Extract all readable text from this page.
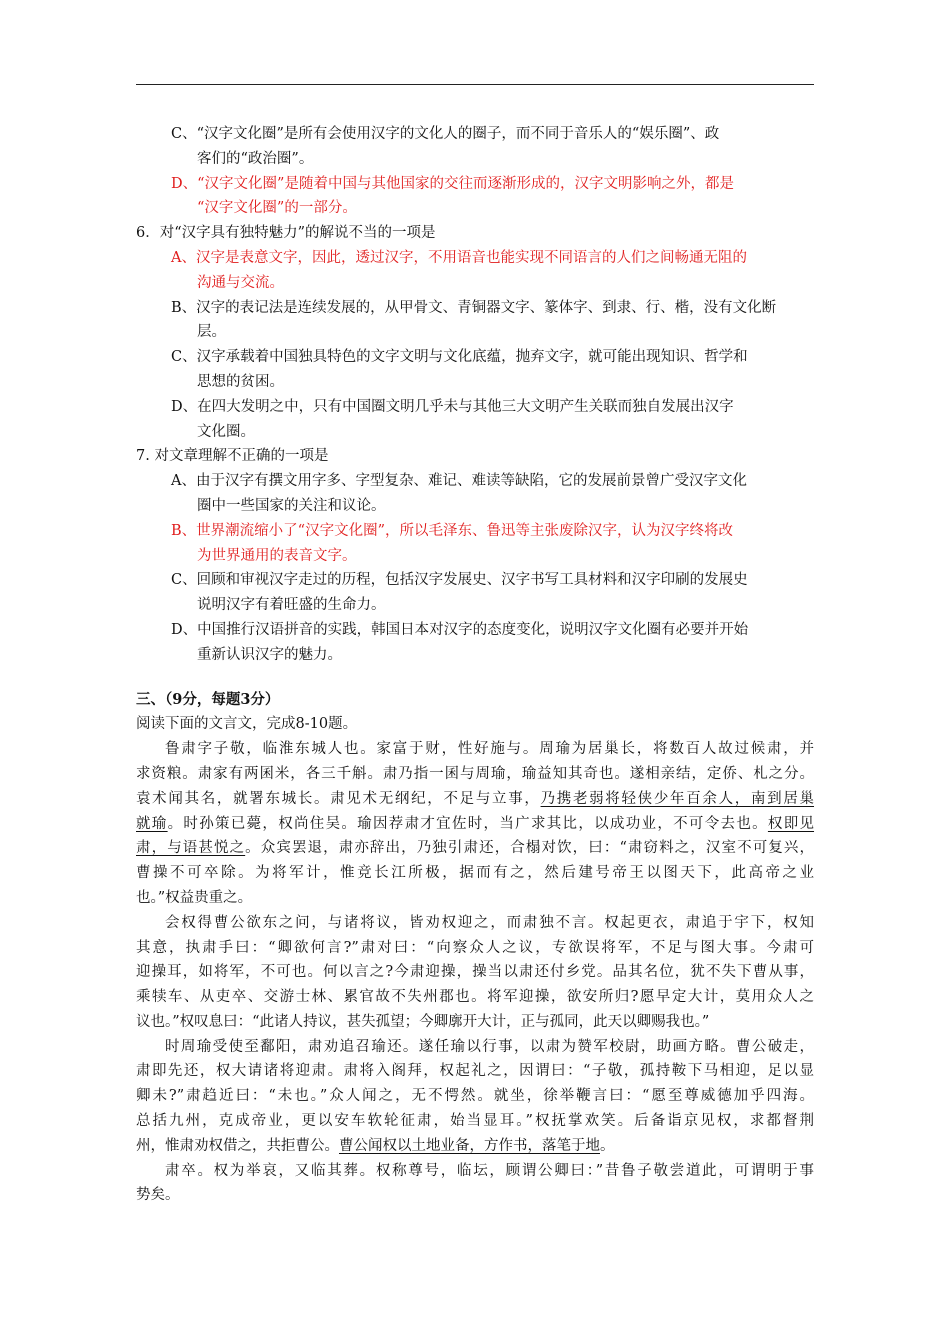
C、“汉字文化圈”是所有会使用汉字的文化人的圈子，而不同于音乐人的“娱乐圈”、政
客们的“政治圈”。
D、“汉字文化圈”是随着中国与其他国家的交往而逐渐形成的，汉字文明影响之外，都是
“汉字文化圈”的一部分。
6．对“汉字具有独特魅力”的解说不当的一项是
A、汉字是表意文字，因此，透过汉字，不用语音也能实现不同语言的人们之间畅通无阻的
沟通与交流。
B、汉字的表记法是连续发展的，从甲骨文、青铜器文字、篆体字、到隶、行、楷，没有文化断
层。
C、汉字承载着中国独具特色的文字文明与文化底蕴，抛弃文字，就可能出现知识、哲学和
思想的贫困。
D、在四大发明之中，只有中国圈文明几乎未与其他三大文明产生关联而独自发展出汉字
文化圈。
7. 对文章理解不正确的一项是
A、由于汉字有撰文用字多、字型复杂、难记、难读等缺陷，它的发展前景曾广受汉字文化
圈中一些国家的关注和议论。
B、世界潮流缩小了“汉字文化圈”，所以毛泽东、鲁迅等主张废除汉字，认为汉字终将改
为世界通用的表音文字。
C、回顾和审视汉字走过的历程，包括汉字发展史、汉字书写工具材料和汉字印刷的发展史
说明汉字有着旺盛的生命力。
D、中国推行汉语拼音的实践，韩国日本对汉字的态度变化，说明汉字文化圈有必要并开始
重新认识汉字的魅力。
三、（9分，每题3分）
阅读下面的文言文，完成8-10题。
鲁肃字子敬，临淮东城人也。家富于财，性好施与。周瑜为居巢长，将数百人故过候肃，并
求资粮。肃家有两囷米，各三千斛。肃乃指一囷与周瑜，瑜益知其奇也。遂相亲结，定侨、札之分。
袁术闻其名，就署东城长。肃见术无纲纪，不足与立事，乃携老弱将轻侠少年百余人，南到居巢
就瑜。时孙策已薨，权尚住吴。瑜因荐肃才宜佐时，当广求其比，以成功业，不可令去也。权即见
肃，与语甚悦之。众宾罢退，肃亦辞出，乃独引肃还，合榻对饮，曰：“肃窃料之，汉室不可复兴，
曹操不可卒除。为将军计，惟竞长江所极，据而有之，然后建号帝王以图天下，此高帝之业
也。”权益贵重之。
会权得曹公欲东之问，与诸将议，皆劝权迎之，而肃独不言。权起更衣，肃追于宇下，权知
其意，执肃手曰：“卿欲何言?”肃对曰：“向察众人之议，专欲误将军，不足与图大事。今肃可
迎操耳，如将军，不可也。何以言之?今肃迎操，操当以肃还付乡党。品其名位，犹不失下曹从事，
乘犊车、从吏卒、交游士林、累官故不失州郡也。将军迎操，欲安所归?愿早定大计，莫用众人之
议也。”权叹息曰：“此诸人持议，甚失孤望；今卿廓开大计，正与孤同，此天以卿赐我也。”
时周瑜受使至鄱阳，肃劝追召瑜还。遂任瑜以行事，以肃为赞军校尉，助画方略。曹公破走，
肃即先还，权大请诸将迎肃。肃将入阁拜，权起礼之，因谓曰：“子敬，孤持鞍下马相迎，足以显
卿未?”肃趋近曰：“未也。”众人闻之，无不愕然。就坐，徐举鞭言曰：“愿至尊威德加乎四海。
总括九州，克成帝业，更以安车软轮征肃，始当显耳。”权抚掌欢笑。后备诣京见权，求都督荆
州，惟肃劝权借之，共拒曹公。曹公闻权以土地业备，方作书，落笔于地。
肃卒。权为举哀，又临其葬。权称尊号，临坛，顾谓公卿曰：”昔鲁子敬尝道此，可谓明于事
势矣。
